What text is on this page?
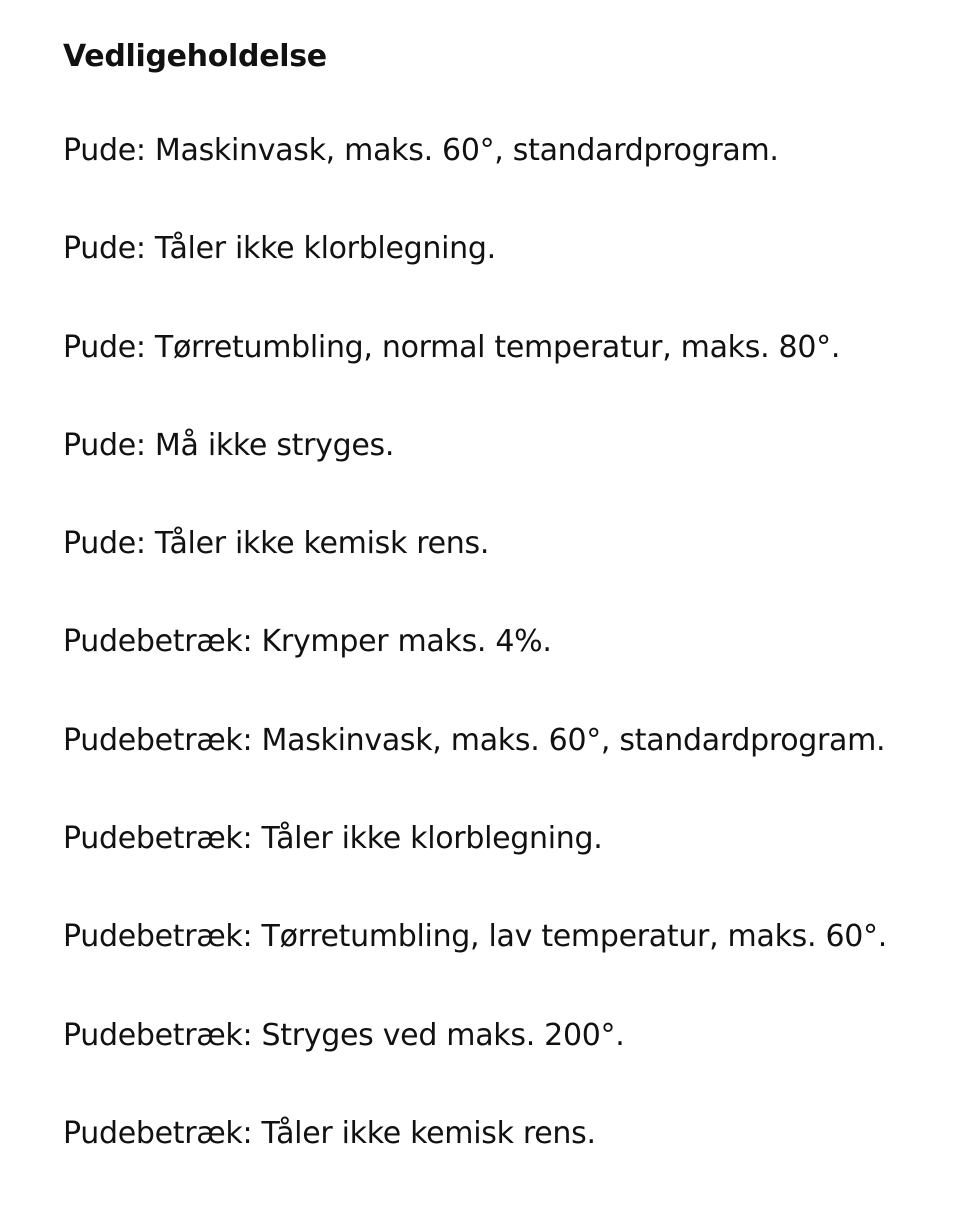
Vedligeholdelse
Pude: Maskinvask, maks. 60°, standardprogram.
Pude: Tåler ikke klorblegning.
Pude: Tørretumbling, normal temperatur, maks. 80°.
Pude: Må ikke stryges.
Pude: Tåler ikke kemisk rens.
Pudebetræk: Krymper maks. 4%.
Pudebetræk: Maskinvask, maks. 60°, standardprogram.
Pudebetræk: Tåler ikke klorblegning.
Pudebetræk: Tørretumbling, lav temperatur, maks. 60°.
Pudebetræk: Stryges ved maks. 200°.
Pudebetræk: Tåler ikke kemisk rens.
